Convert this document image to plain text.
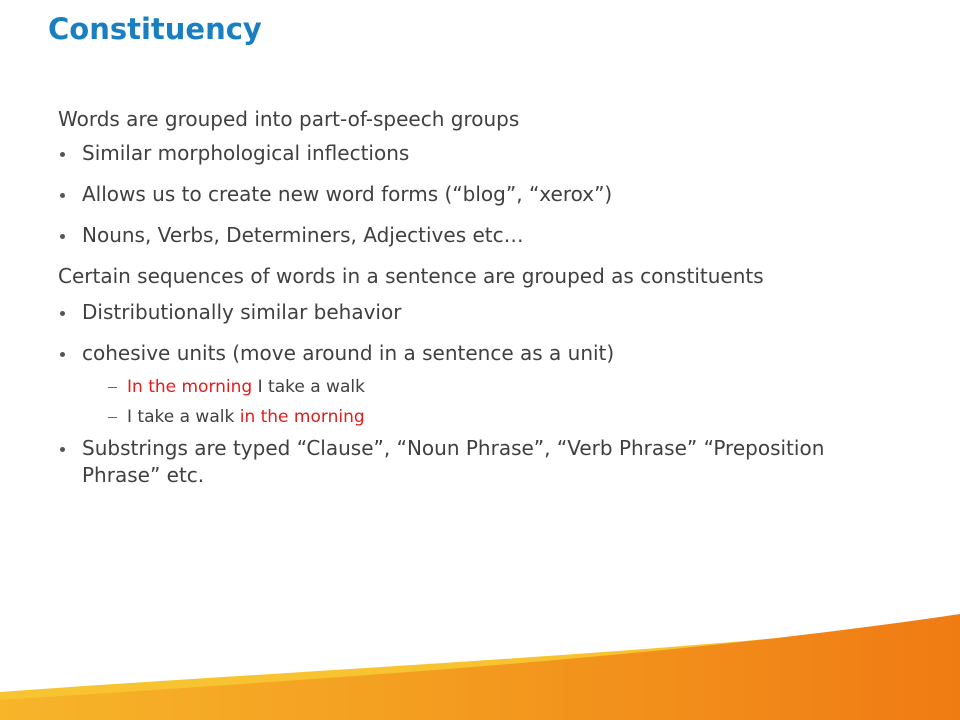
Constituency

Words are grouped into part-of-speech groups

Similar morphological inflections
Allows us to create new word forms (“blog”, “xerox”)
Nouns, Verbs, Determiners, Adjectives etc…

Certain sequences of words in a sentence are grouped as constituents

Distributionally similar behavior
cohesive units (move around in a sentence as a unit)
In the morning I take a walk
I take a walk in the morning
Substrings are typed “Clause”, “Noun Phrase”, “Verb Phrase” “Preposition Phrase” etc.
